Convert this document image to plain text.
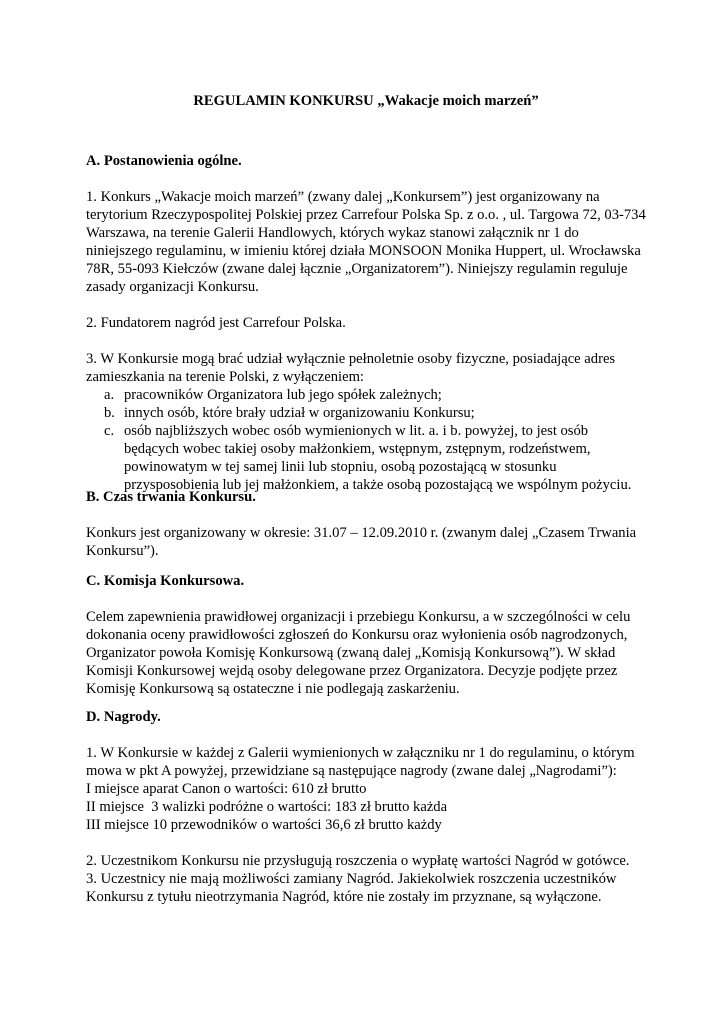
REGULAMIN KONKURSU „Wakacje moich marzeń”

A. Postanowienia ogólne.

1. Konkurs „Wakacje moich marzeń” (zwany dalej „Konkursem”) jest organizowany na terytorium Rzeczypospolitej Polskiej przez Carrefour Polska Sp. z o.o. , ul. Targowa 72, 03-734 Warszawa, na terenie Galerii Handlowych, których wykaz stanowi załącznik nr 1 do niniejszego regulaminu, w imieniu której działa MONSOON Monika Huppert, ul. Wrocławska 78R, 55-093 Kiełczów (zwane dalej łącznie „Organizatorem”). Niniejszy regulamin reguluje zasady organizacji Konkursu.

2. Fundatorem nagród jest Carrefour Polska.

3. W Konkursie mogą brać udział wyłącznie pełnoletnie osoby fizyczne, posiadające adres zamieszkania na terenie Polski, z wyłączeniem:

a. pracowników Organizatora lub jego spółek zależnych;
b. innych osób, które brały udział w organizowaniu Konkursu;
c. osób najbliższych wobec osób wymienionych w lit. a. i b. powyżej, to jest osób będących wobec takiej osoby małżonkiem, wstępnym, zstępnym, rodzeństwem, powinowatym w tej samej linii lub stopniu, osobą pozostającą w stosunku przysposobienia lub jej małżonkiem, a także osobą pozostającą we wspólnym pożyciu.

B. Czas trwania Konkursu.

Konkurs jest organizowany w okresie: 31.07 – 12.09.2010 r. (zwanym dalej „Czasem Trwania Konkursu”).

C. Komisja Konkursowa.

Celem zapewnienia prawidłowej organizacji i przebiegu Konkursu, a w szczególności w celu dokonania oceny prawidłowości zgłoszeń do Konkursu oraz wyłonienia osób nagrodzonych, Organizator powoła Komisję Konkursową (zwaną dalej „Komisją Konkursową”). W skład Komisji Konkursowej wejdą osoby delegowane przez Organizatora. Decyzje podjęte przez Komisję Konkursową są ostateczne i nie podlegają zaskarżeniu.

D. Nagrody.

1. W Konkursie w każdej z Galerii wymienionych w załączniku nr 1 do regulaminu, o którym mowa w pkt A powyżej, przewidziane są następujące nagrody (zwane dalej „Nagrodami”):

I miejsce aparat Canon o wartości: 610 zł brutto

II miejsce  3 walizki podróżne o wartości: 183 zł brutto każda

III miejsce 10 przewodników o wartości 36,6 zł brutto każdy

2. Uczestnikom Konkursu nie przysługują roszczenia o wypłatę wartości Nagród w gotówce.

3. Uczestnicy nie mają możliwości zamiany Nagród. Jakiekolwiek roszczenia uczestników Konkursu z tytułu nieotrzymania Nagród, które nie zostały im przyznane, są wyłączone.
